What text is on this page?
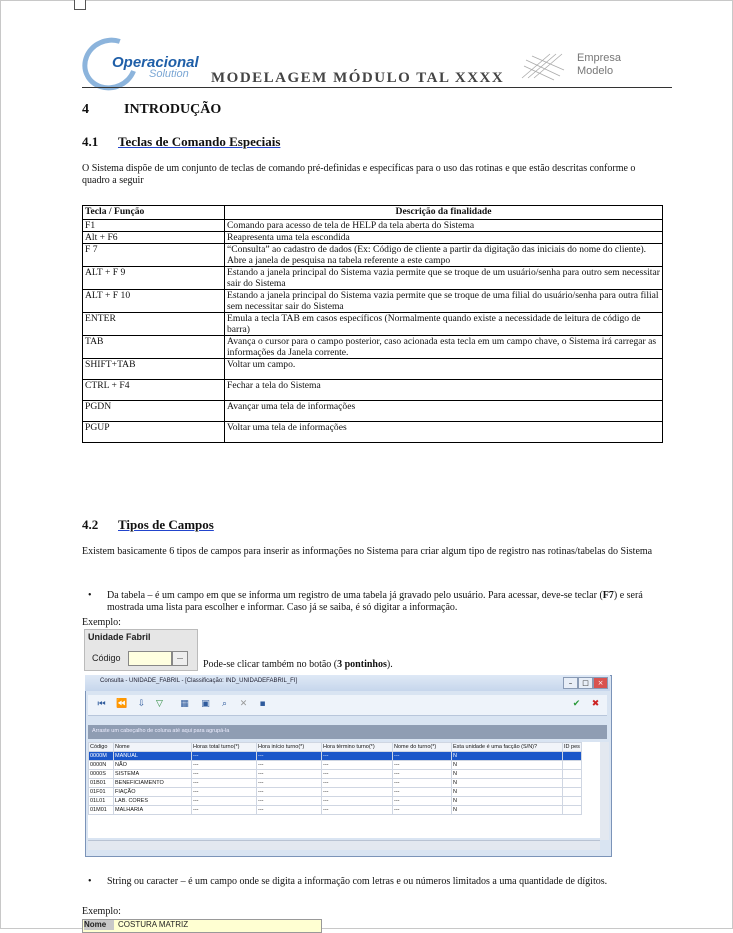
Operacional
Solution MODELAGEM MÓDULO TAL XXXX
Empresa
Modelo
4	INTRODUÇÃO
4.1 Teclas de Comando Especiais
O Sistema dispõe de um conjunto de teclas de comando pré-definidas e específicas para o uso das rotinas e que estão descritas conforme o quadro a seguir
Tecla / Função	Descrição da finalidade
F1	Comando para acesso de tela de HELP da tela aberta do Sistema
Alt + F6	Reapresenta uma tela escondida
F 7	“Consulta” ao cadastro de dados (Ex: Código de cliente a partir da digitação das iniciais do nome do cliente). Abre a janela de pesquisa na tabela referente a este campo
ALT + F 9	Estando a janela principal do Sistema vazia permite que se troque de um usuário/senha para outro sem necessitar sair do Sistema
ALT + F 10	Estando a janela principal do Sistema vazia permite que se troque de uma filial do usuário/senha para outra filial sem necessitar sair do Sistema
ENTER	Emula a tecla TAB em casos específicos (Normalmente quando existe a necessidade de leitura de código de barra)
TAB	Avança o cursor para o campo posterior, caso acionada esta tecla em um campo chave, o Sistema irá carregar as informações da Janela corrente.
SHIFT+TAB	Voltar um campo.
CTRL + F4	Fechar a tela do Sistema
PGDN	Avançar uma tela de informações
PGUP	Voltar uma tela de informações
4.2 Tipos de Campos
Existem basicamente 6 tipos de campos para inserir as informações no Sistema para criar algum tipo de registro nas rotinas/tabelas do Sistema
• Da tabela – é um campo em que se informa um registro de uma tabela já gravado pelo usuário. Para acessar, deve-se teclar (F7) e será mostrada uma lista para escolher e informar. Caso já se saiba, é só digitar a informação.
Exemplo:
Unidade Fabril
Código	...
Pode-se clicar também no botão (3 pontinhos).
Consulta - UNIDADE_FABRIL - [Classificação: IND_UNIDADEFABRIL_FI]	–	□	×
⏮ ⏪ ⇩ ▽ ▦ ▣	⌕	✕ ▪	✔ ✖
Arraste um cabeçalho de coluna até aqui para agrupá-la
Código	Nome	Horas total turno(*)	Hora início turno(*)	Hora término turno(*)	Nome do turno(*)	Esta unidade é uma facção (S/N)?	ID pes
0000M	MANUAL	---	---	---	---	N	
0000N	NÃO	---	---	---	---	N	
0000S	SISTEMA	---	---	---	---	N	
01B01	BENEFICIAMENTO	---	---	---	---	N	
01F01	FIAÇÃO	---	---	---	---	N	
01L01	LAB. CORES	---	---	---	---	N	
01M01	MALHARIA	---	---	---	---	N	
• String ou caracter – é um campo onde se digita a informação com letras e ou números limitados a uma quantidade de dígitos.
Exemplo:
Nome	COSTURA MATRIZ
